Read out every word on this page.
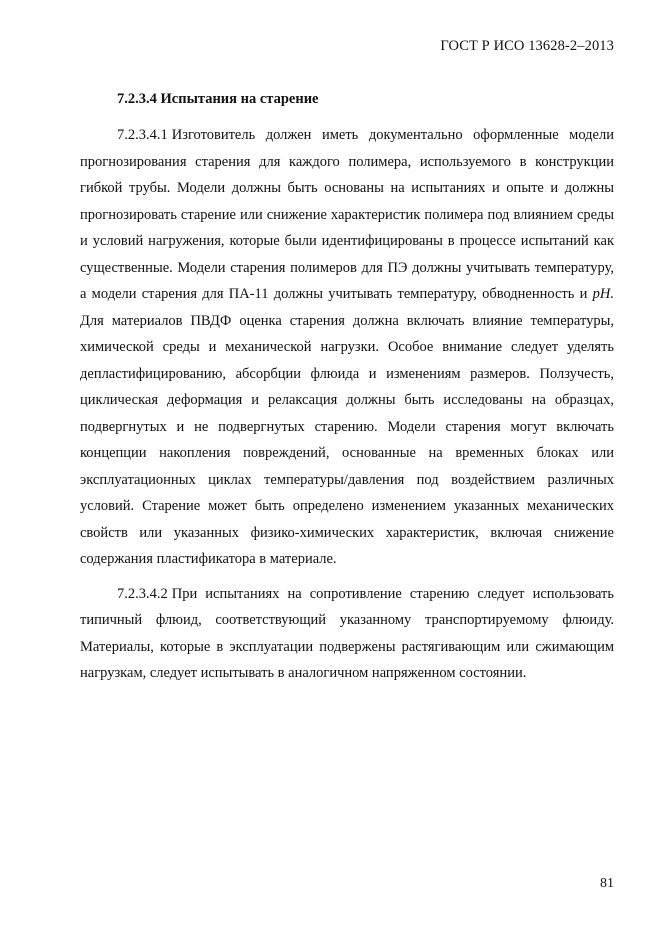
ГОСТ Р ИСО 13628-2–2013
7.2.3.4 Испытания на старение

7.2.3.4.1 Изготовитель должен иметь документально оформленные модели прогнозирования старения для каждого полимера, используемого в конструкции гибкой трубы. Модели должны быть основаны на испытаниях и опыте и должны прогнозировать старение или снижение характеристик полимера под влиянием среды и условий нагружения, которые были идентифицированы в процессе испытаний как существенные. Модели старения полимеров для ПЭ должны учитывать температуру, а модели старения для ПА-11 должны учитывать температуру, обводненность и pH. Для материалов ПВДФ оценка старения должна включать влияние температуры, химической среды и механической нагрузки. Особое внимание следует уделять депластифицированию, абсорбции флюида и изменениям размеров. Ползучесть, циклическая деформация и релаксация должны быть исследованы на образцах, подвергнутых и не подвергнутых старению. Модели старения могут включать концепции накопления повреждений, основанные на временных блоках или эксплуатационных циклах температуры/давления под воздействием различных условий. Старение может быть определено изменением указанных механических свойств или указанных физико-химических характеристик, включая снижение содержания пластификатора в материале.

7.2.3.4.2 При испытаниях на сопротивление старению следует использовать типичный флюид, соответствующий указанному транспортируемому флюиду. Материалы, которые в эксплуатации подвержены растягивающим или сжимающим нагрузкам, следует испытывать в аналогичном напряженном состоянии.

81
